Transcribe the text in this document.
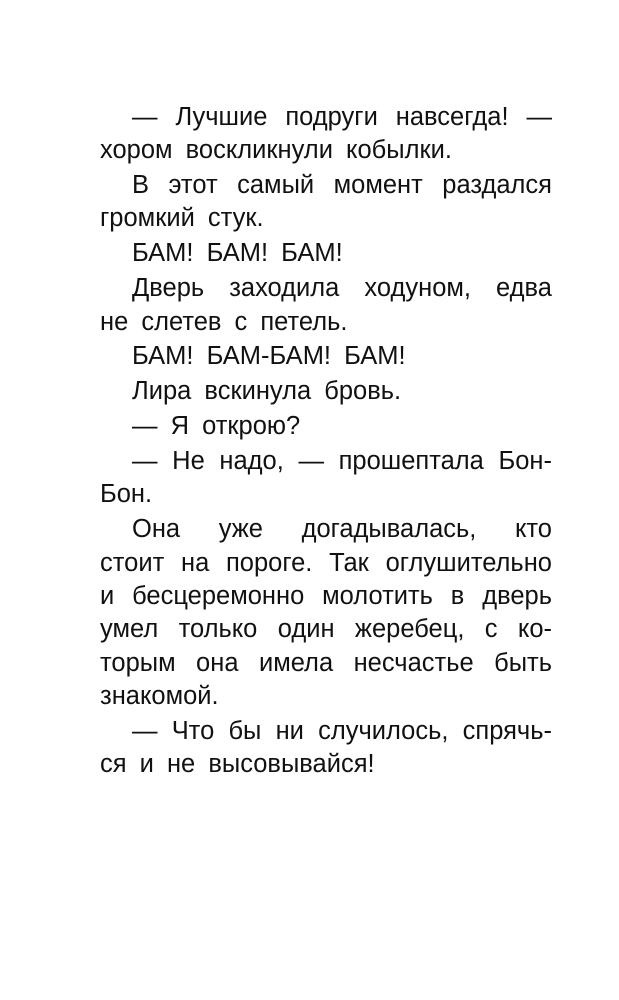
— Лучшие подруги навсегда! —
хором воскликнули кобылки.
В этот самый момент раздался
громкий стук.
БАМ! БАМ! БАМ!
Дверь заходила ходуном, едва
не слетев с петель.
БАМ! БАМ-БАМ! БАМ!
Лира вскинула бровь.
— Я открою?
— Не надо, — прошептала Бон-
Бон.
Она уже догадывалась, кто
стоит на пороге. Так оглушительно
и бесцеремонно молотить в дверь
умел только один жеребец, с ко-
торым она имела несчастье быть
знакомой.
— Что бы ни случилось, спрячь-
ся и не высовывайся!
